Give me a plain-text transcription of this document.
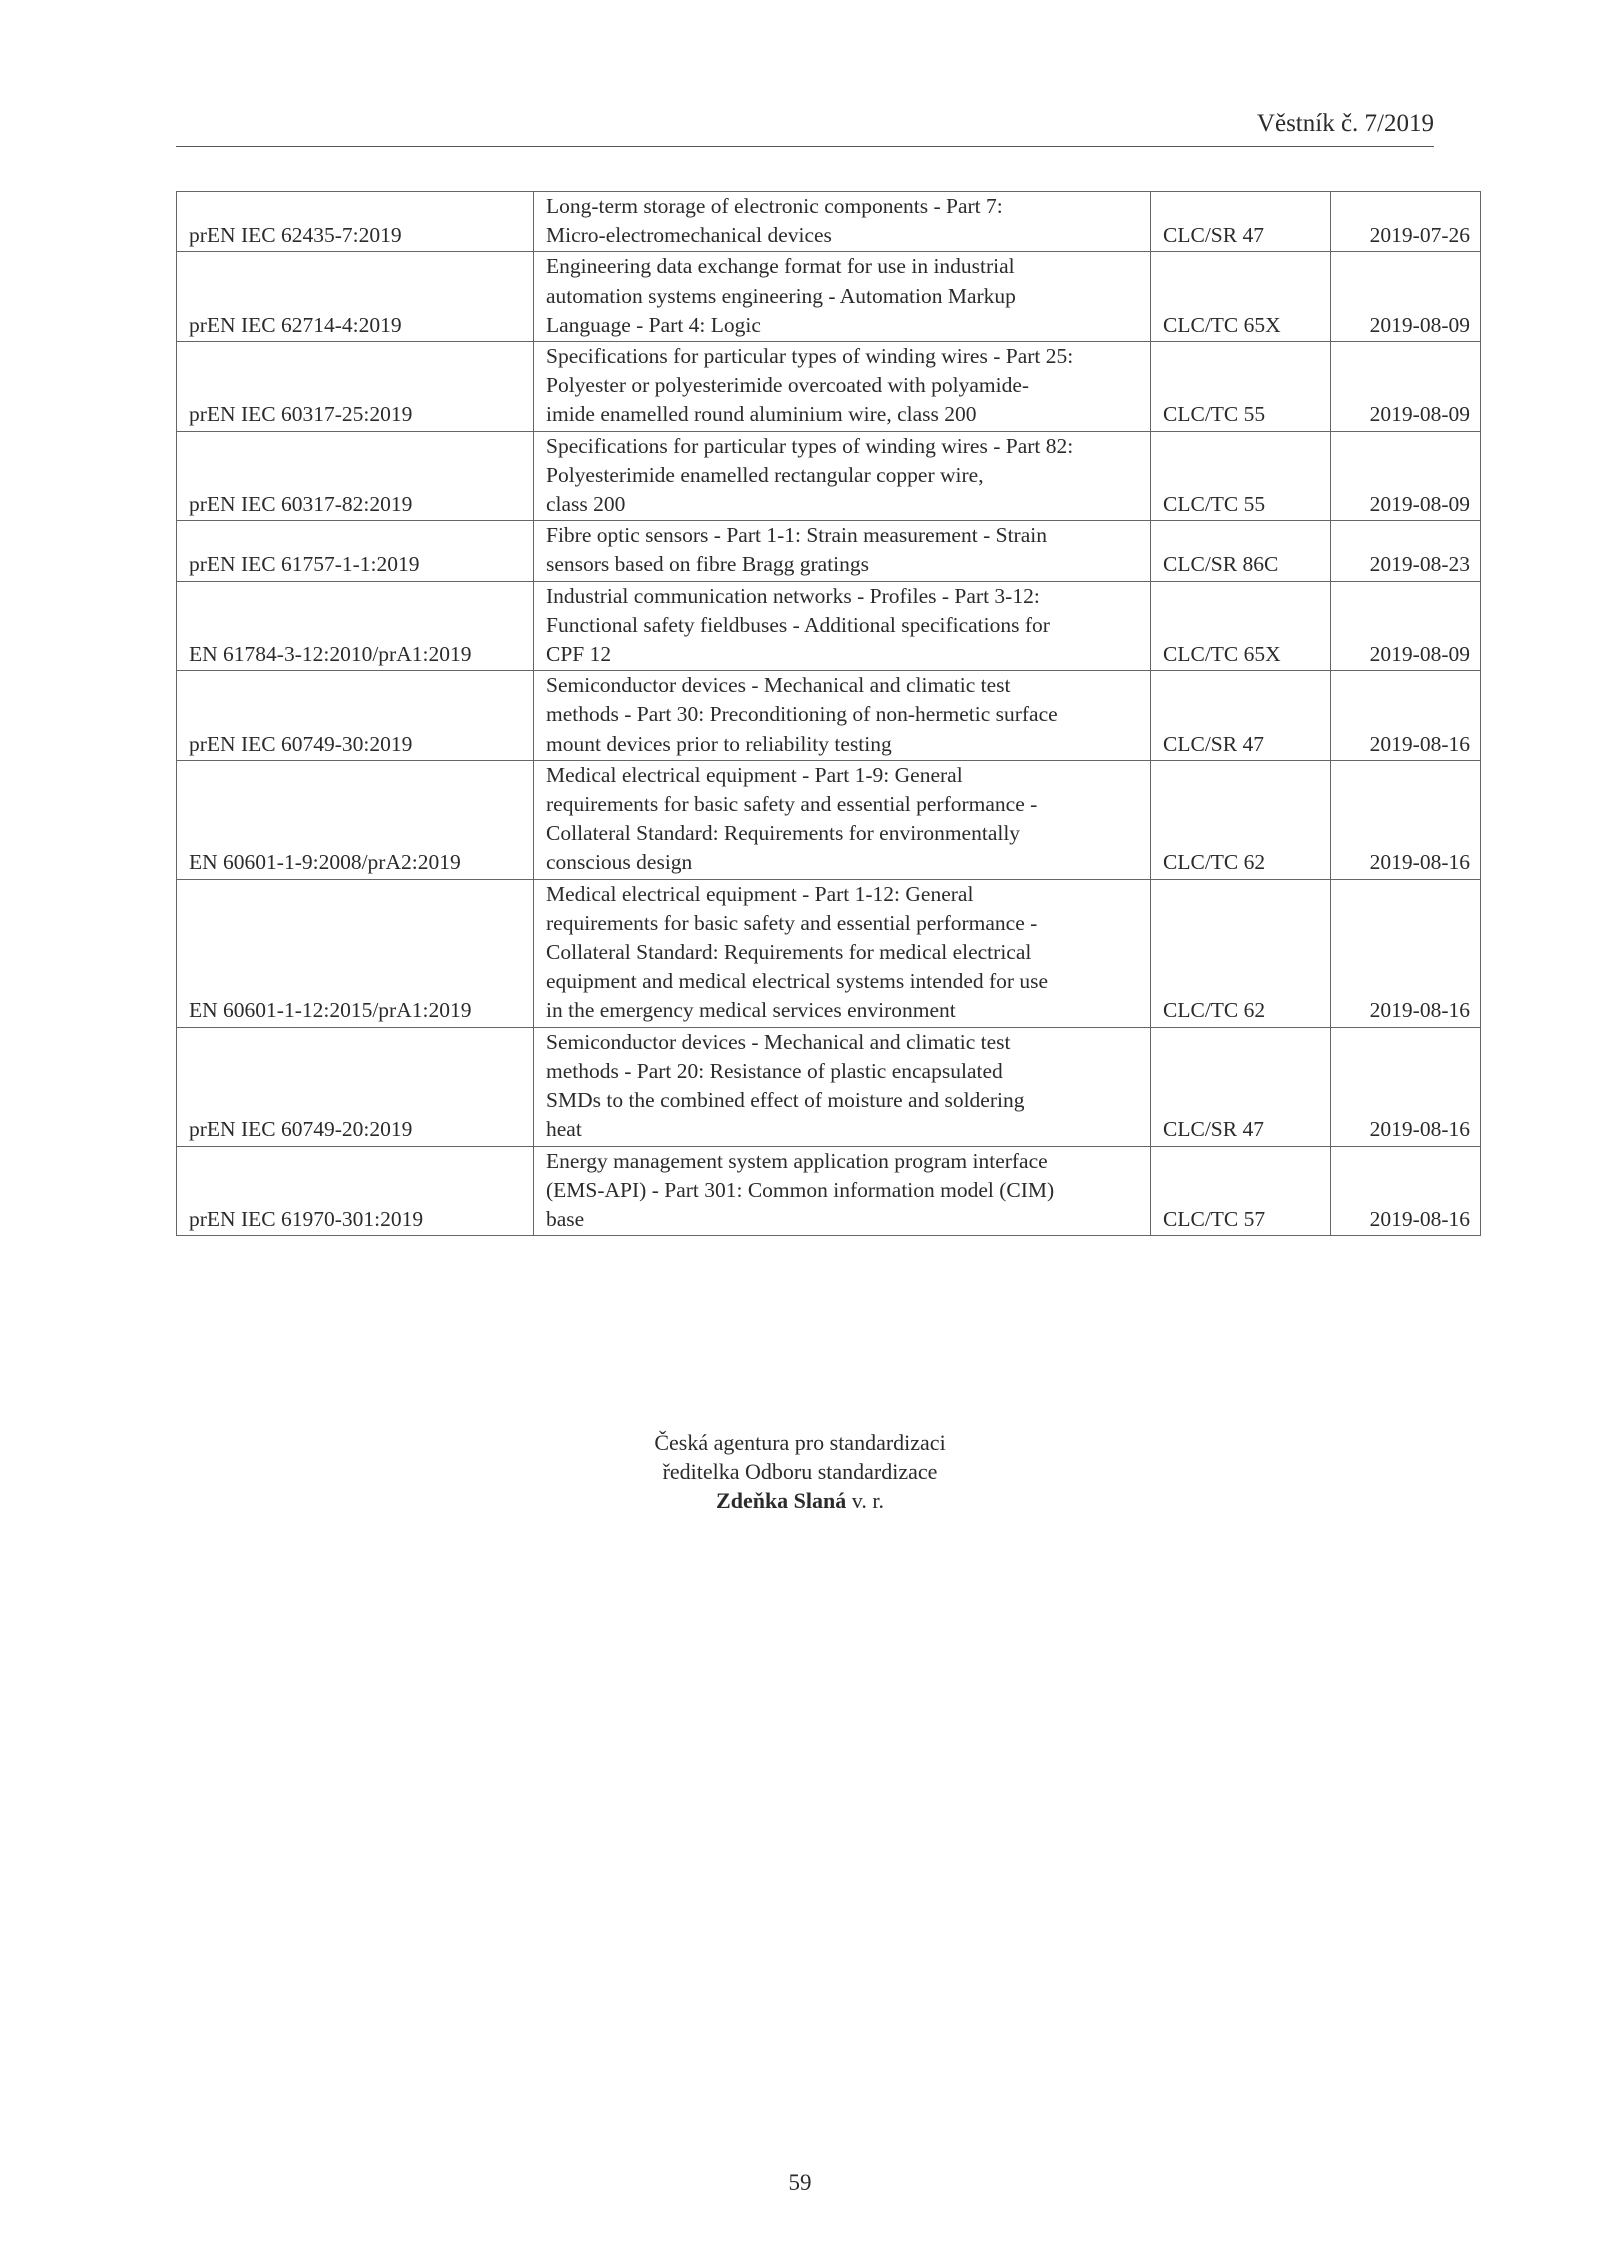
Věstník č. 7/2019
prEN IEC 62435-7:2019	Long-term storage of electronic components - Part 7:
Micro-electromechanical devices	CLC/SR 47	2019-07-26
prEN IEC 62714-4:2019	Engineering data exchange format for use in industrial
automation systems engineering - Automation Markup
Language - Part 4: Logic	CLC/TC 65X	2019-08-09
prEN IEC 60317-25:2019	Specifications for particular types of winding wires - Part 25:
Polyester or polyesterimide overcoated with polyamide-
imide enamelled round aluminium wire, class 200	CLC/TC 55	2019-08-09
prEN IEC 60317-82:2019	Specifications for particular types of winding wires - Part 82:
Polyesterimide enamelled rectangular copper wire,
class 200	CLC/TC 55	2019-08-09
prEN IEC 61757-1-1:2019	Fibre optic sensors - Part 1-1: Strain measurement - Strain
sensors based on fibre Bragg gratings	CLC/SR 86C	2019-08-23
EN 61784-3-12:2010/prA1:2019	Industrial communication networks - Profiles - Part 3-12:
Functional safety fieldbuses - Additional specifications for
CPF 12	CLC/TC 65X	2019-08-09
prEN IEC 60749-30:2019	Semiconductor devices - Mechanical and climatic test
methods - Part 30: Preconditioning of non-hermetic surface
mount devices prior to reliability testing	CLC/SR 47	2019-08-16
EN 60601-1-9:2008/prA2:2019	Medical electrical equipment - Part 1-9: General
requirements for basic safety and essential performance -
Collateral Standard: Requirements for environmentally
conscious design	CLC/TC 62	2019-08-16
EN 60601-1-12:2015/prA1:2019	Medical electrical equipment - Part 1-12: General
requirements for basic safety and essential performance -
Collateral Standard: Requirements for medical electrical
equipment and medical electrical systems intended for use
in the emergency medical services environment	CLC/TC 62	2019-08-16
prEN IEC 60749-20:2019	Semiconductor devices - Mechanical and climatic test
methods - Part 20: Resistance of plastic encapsulated
SMDs to the combined effect of moisture and soldering
heat	CLC/SR 47	2019-08-16
prEN IEC 61970-301:2019	Energy management system application program interface
(EMS-API) - Part 301: Common information model (CIM)
base	CLC/TC 57	2019-08-16
Česká agentura pro standardizaci
ředitelka Odboru standardizace
Zdeňka Slaná v. r.
59
